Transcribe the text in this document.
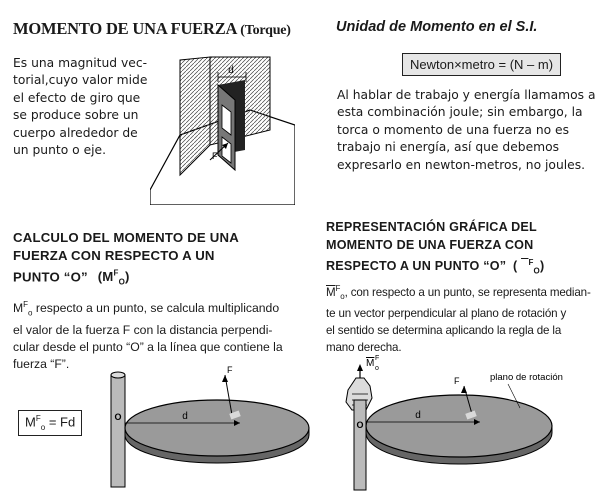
MOMENTO DE UNA FUERZA (Torque)
Es una magnitud vec-
torial,cuyo valor mide
el efecto de giro que
se produce sobre un
cuerpo alrededor de
un punto o eje.
d
F
CALCULO DEL MOMENTO DE UNA
FUERZA CON RESPECTO A UN
PUNTO “O” $(M^F_O)$
$M^F_o$ respecto a un punto, se calcula multiplicando
el valor de la fuerza F con la distancia perpendi-
cular desde el punto “O” a la línea que contiene la
fuerza “F”.
$M^F_o = Fd$	O	d
F
Unidad de Momento en el S.I.
Newton×metro = (N – m)
Al hablar de trabajo y energía llamamos a
esta combinación joule; sin embargo, la
torca o momento de una fuerza no es
trabajo ni energía, así que debemos
expresarlo en newton-metros, no joules.
REPRESENTACIÓN GRÁFICA DEL
MOMENTO DE UNA FUERZA CON
RESPECTO A UN PUNTO “O” (   $^F_O$)
$\overline{M}^F_o$, con respecto a un punto, se representa median-
te un vector perpendicular al plano de rotación y
el sentido se determina aplicando la regla de la
mano derecha.
M F
o
O
d
F	plano de rotación
